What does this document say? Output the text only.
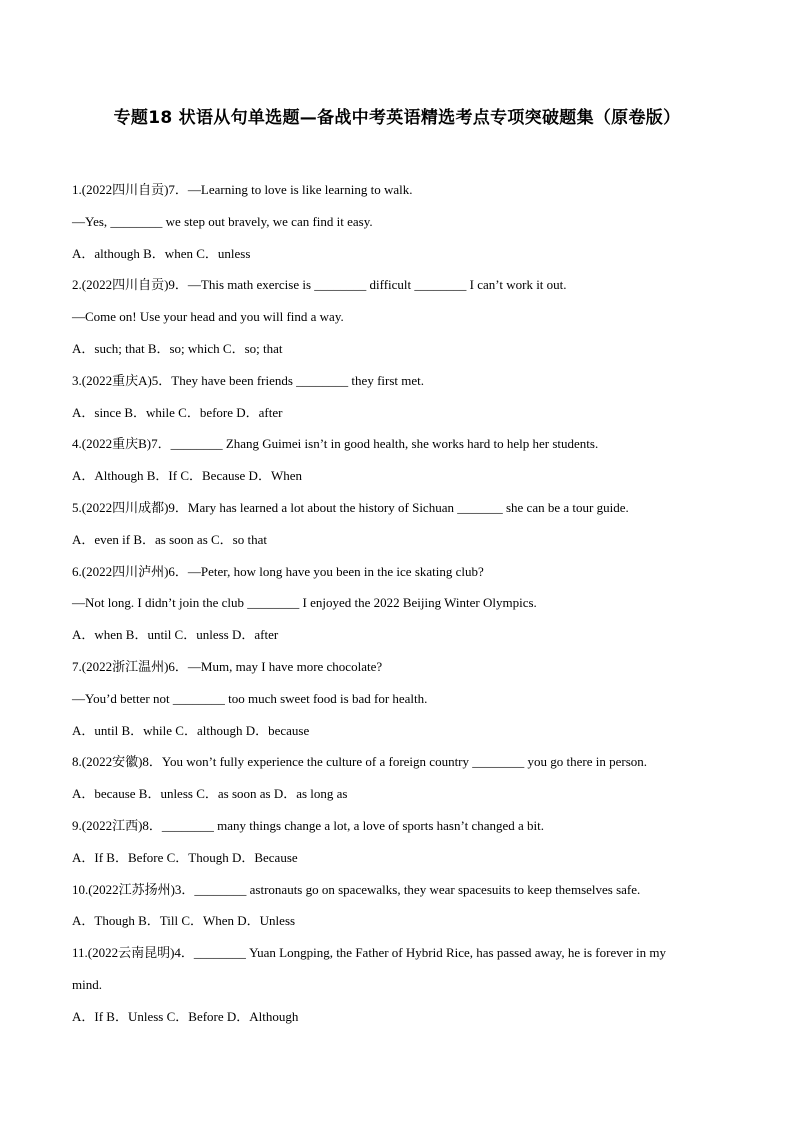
专题18 状语从句单选题—备战中考英语精选考点专项突破题集（原卷版）
1.(2022四川自贡)7．—Learning to love is like learning to walk.
—Yes, ________ we step out bravely, we can find it easy.
A．although B．when C．unless
2.(2022四川自贡)9．—This math exercise is ________ difficult ________ I can’t work it out.
—Come on! Use your head and you will find a way.
A．such; that B．so; which C．so; that
3.(2022重庆A)5．They have been friends ________ they first met.
A．since B．while C．before D．after
4.(2022重庆B)7．________ Zhang Guimei isn’t in good health, she works hard to help her students.
A．Although B．If C．Because D．When
5.(2022四川成都)9．Mary has learned a lot about the history of Sichuan _______ she can be a tour guide.
A．even if B．as soon as C．so that
6.(2022四川泸州)6．—Peter, how long have you been in the ice skating club?
—Not long. I didn’t join the club ________ I enjoyed the 2022 Beijing Winter Olympics.
A．when B．until C．unless D．after
7.(2022浙江温州)6．—Mum, may I have more chocolate?
—You’d better not ________ too much sweet food is bad for health.
A．until B．while C．although D．because
8.(2022安徽)8．You won’t fully experience the culture of a foreign country ________ you go there in person.
A．because B．unless C．as soon as D．as long as
9.(2022江西)8．________ many things change a lot, a love of sports hasn’t changed a bit.
A．If B．Before C．Though D．Because
10.(2022江苏扬州)3．________ astronauts go on spacewalks, they wear spacesuits to keep themselves safe.
A．Though B．Till C．When D．Unless
11.(2022云南昆明)4．________ Yuan Longping, the Father of Hybrid Rice, has passed away, he is forever in my
mind.
A．If B．Unless C．Before D．Although
